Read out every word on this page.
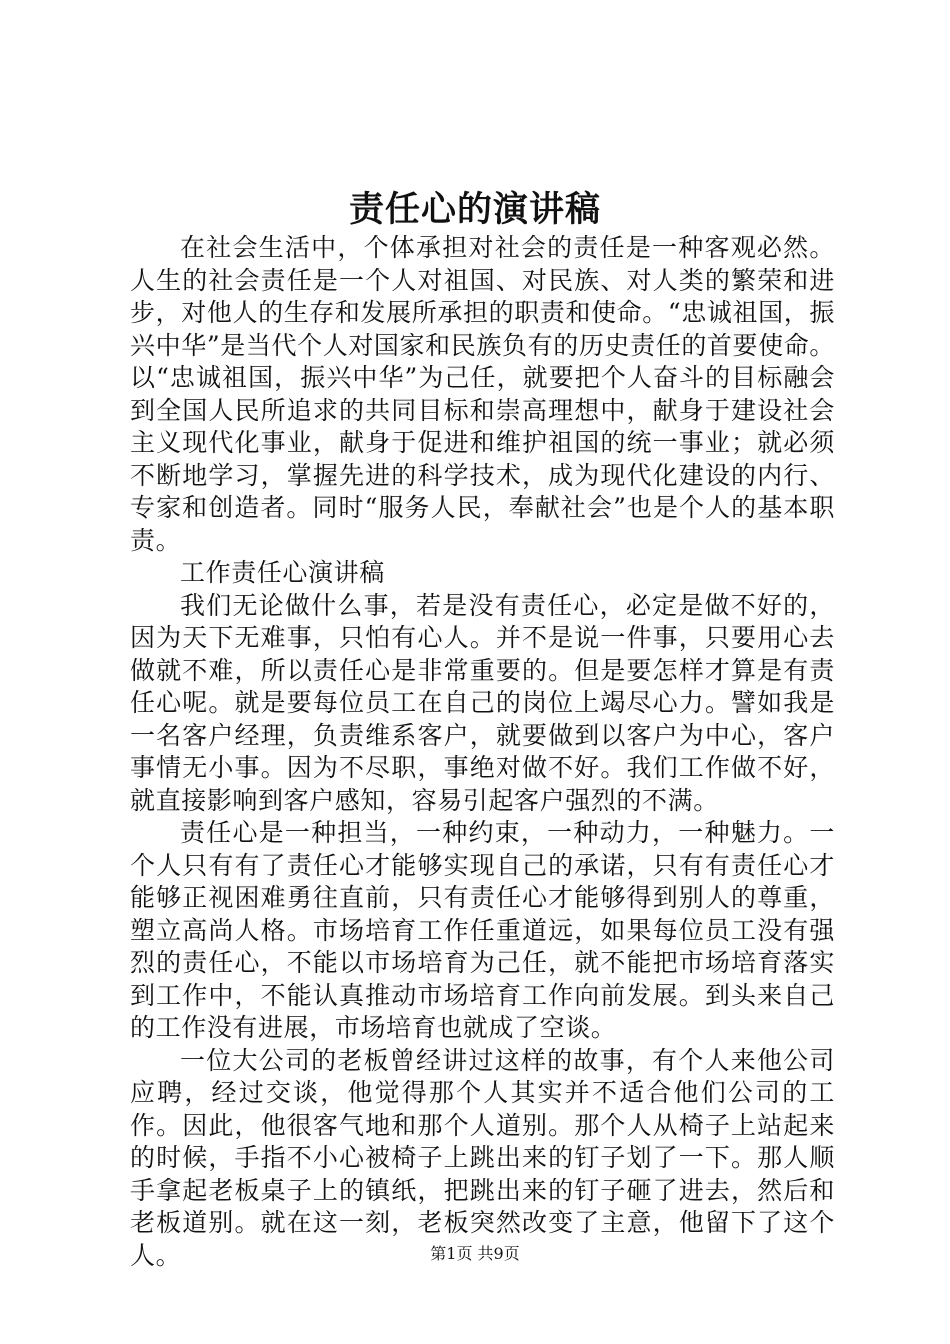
责任心的演讲稿

在社会生活中，个体承担对社会的责任是一种客观必然。人生的社会责任是一个人对祖国、对民族、对人类的繁荣和进步，对他人的生存和发展所承担的职责和使命。“忠诚祖国，振兴中华”是当代个人对国家和民族负有的历史责任的首要使命。以“忠诚祖国，振兴中华”为己任，就要把个人奋斗的目标融会到全国人民所追求的共同目标和崇高理想中，献身于建设社会主义现代化事业，献身于促进和维护祖国的统一事业；就必须不断地学习，掌握先进的科学技术，成为现代化建设的内行、专家和创造者。同时“服务人民，奉献社会”也是个人的基本职责。

工作责任心演讲稿

我们无论做什么事，若是没有责任心，必定是做不好的，因为天下无难事，只怕有心人。并不是说一件事，只要用心去做就不难，所以责任心是非常重要的。但是要怎样才算是有责任心呢。就是要每位员工在自己的岗位上竭尽心力。譬如我是一名客户经理，负责维系客户，就要做到以客户为中心，客户事情无小事。因为不尽职，事绝对做不好。我们工作做不好，就直接影响到客户感知，容易引起客户强烈的不满。

责任心是一种担当，一种约束，一种动力，一种魅力。一个人只有有了责任心才能够实现自己的承诺，只有有责任心才能够正视困难勇往直前，只有责任心才能够得到别人的尊重，塑立高尚人格。市场培育工作任重道远，如果每位员工没有强烈的责任心，不能以市场培育为己任，就不能把市场培育落实到工作中，不能认真推动市场培育工作向前发展。到头来自己的工作没有进展，市场培育也就成了空谈。

一位大公司的老板曾经讲过这样的故事，有个人来他公司应聘，经过交谈，他觉得那个人其实并不适合他们公司的工作。因此，他很客气地和那个人道别。那个人从椅子上站起来的时候，手指不小心被椅子上跳出来的钉子划了一下。那人顺手拿起老板桌子上的镇纸，把跳出来的钉子砸了进去，然后和老板道别。就在这一刻，老板突然改变了主意，他留下了这个人。	第1页 共9页
